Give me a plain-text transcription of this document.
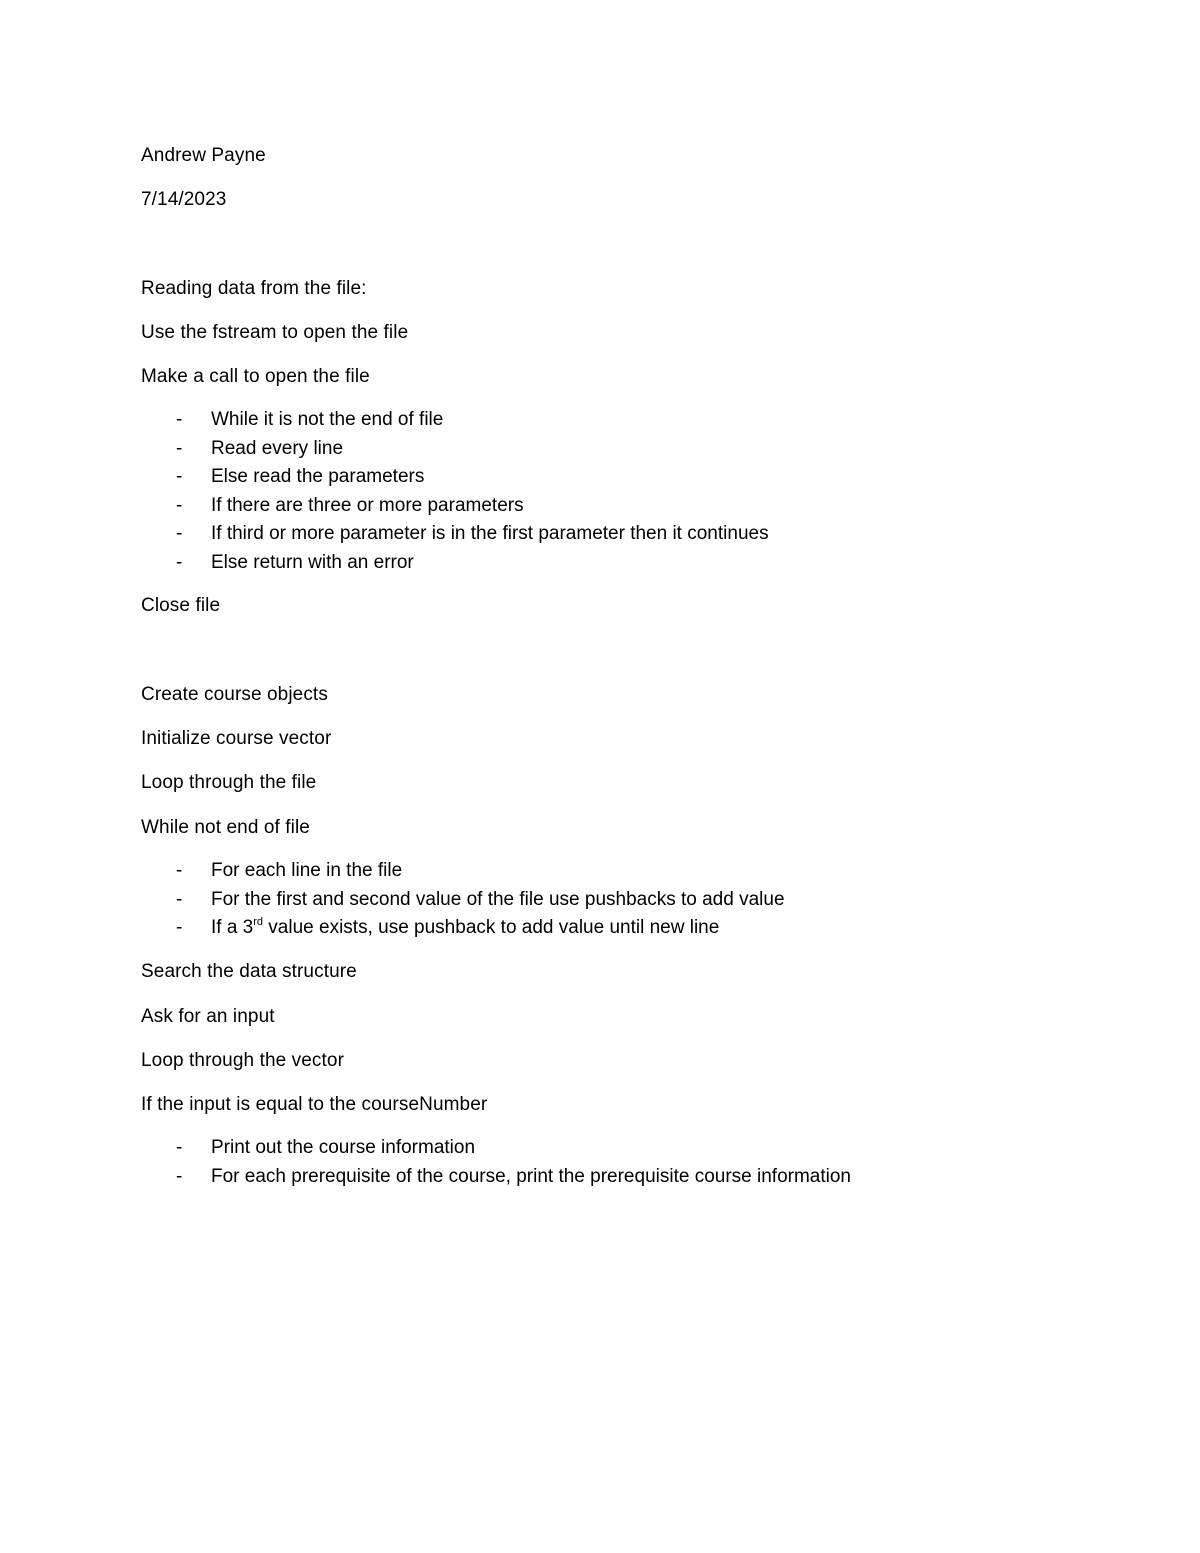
Andrew Payne
7/14/2023
Reading data from the file:
Use the fstream to open the file
Make a call to open the file
- While it is not the end of file
- Read every line
- Else read the parameters
- If there are three or more parameters
- If third or more parameter is in the first parameter then it continues
- Else return with an error
Close file
Create course objects
Initialize course vector
Loop through the file
While not end of file
- For each line in the file
- For the first and second value of the file use pushbacks to add value
- If a 3rd value exists, use pushback to add value until new line
Search the data structure
Ask for an input
Loop through the vector
If the input is equal to the courseNumber
- Print out the course information
- For each prerequisite of the course, print the prerequisite course information
